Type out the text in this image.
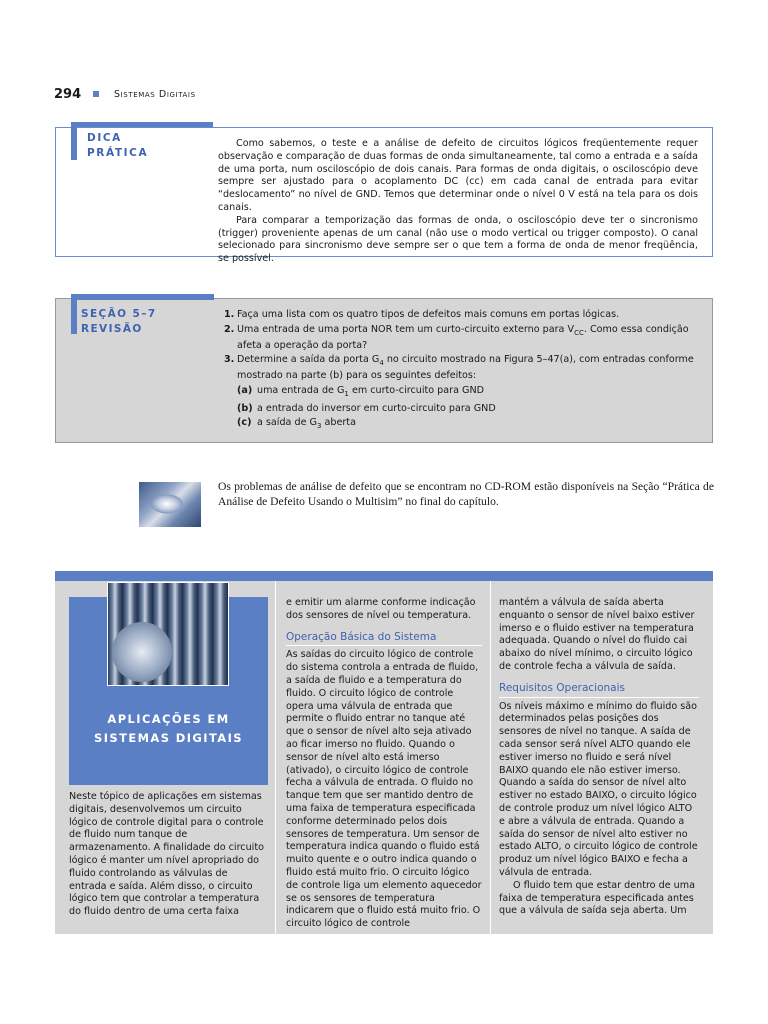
294	Sistemas Digitais
DICA
PRÁTICA

Como sabemos, o teste e a análise de defeito de circuitos lógicos freqüentemente requer observação e comparação de duas formas de onda simultaneamente, tal como a entrada e a saída de uma porta, num osciloscópio de dois canais. Para formas de onda digitais, o osciloscópio deve sempre ser ajustado para o acoplamento DC (cc) em cada canal de entrada para evitar “deslocamento” no nível de GND. Temos que determinar onde o nível 0 V está na tela para os dois canais.

Para comparar a temporização das formas de onda, o osciloscópio deve ter o sincronismo (trigger) proveniente apenas de um canal (não use o modo vertical ou trigger composto). O canal selecionado para sincronismo deve sempre ser o que tem a forma de onda de menor freqüência, se possível.

SEÇÃO 5–7
REVISÃO
1. Faça uma lista com os quatro tipos de defeitos mais comuns em portas lógicas.
2. Uma entrada de uma porta NOR tem um curto-circuito externo para $V_{CC}$. Como essa condição afeta a operação da porta?
3. Determine a saída da porta $G_4$ no circuito mostrado na Figura 5–47(a), com entradas conforme mostrado na parte (b) para os seguintes defeitos:
(a) uma entrada de $G_1$ em curto-circuito para GND
(b) a entrada do inversor em curto-circuito para GND
(c) a saída de $G_3$ aberta
Os problemas de análise de defeito que se encontram no CD-ROM estão disponíveis na Seção “Prática de Análise de Defeito Usando o Multisim” no final do capítulo.
APLICAÇÕES EM
SISTEMAS DIGITAIS

Neste tópico de aplicações em sistemas digitais, desenvolvemos um circuito lógico de controle digital para o controle de fluido num tanque de armazenamento. A finalidade do circuito lógico é manter um nível apropriado do fluido controlando as válvulas de entrada e saída. Além disso, o circuito lógico tem que controlar a temperatura do fluido dentro de uma certa faixa

e emitir um alarme conforme indicação dos sensores de nível ou temperatura.

Operação Básica do Sistema

As saídas do circuito lógico de controle do sistema controla a entrada de fluido, a saída de fluido e a temperatura do fluido. O circuito lógico de controle opera uma válvula de entrada que permite o fluido entrar no tanque até que o sensor de nível alto seja ativado ao ficar imerso no fluido. Quando o sensor de nível alto está imerso (ativado), o circuito lógico de controle fecha a válvula de entrada. O fluido no tanque tem que ser mantido dentro de uma faixa de temperatura especificada conforme determinado pelos dois sensores de temperatura. Um sensor de temperatura indica quando o fluido está muito quente e o outro indica quando o fluido está muito frio. O circuito lógico de controle liga um elemento aquecedor se os sensores de temperatura indicarem que o fluido está muito frio. O circuito lógico de controle

mantém a válvula de saída aberta enquanto o sensor de nível baixo estiver imerso e o fluido estiver na temperatura adequada. Quando o nível do fluido cai abaixo do nível mínimo, o circuito lógico de controle fecha a válvula de saída.

Requisitos Operacionais

Os níveis máximo e mínimo do fluido são determinados pelas posições dos sensores de nível no tanque. A saída de cada sensor será nível ALTO quando ele estiver imerso no fluido e será nível BAIXO quando ele não estiver imerso. Quando a saída do sensor de nível alto estiver no estado BAIXO, o circuito lógico de controle produz um nível lógico ALTO e abre a válvula de entrada. Quando a saída do sensor de nível alto estiver no estado ALTO, o circuito lógico de controle produz um nível lógico BAIXO e fecha a válvula de entrada.

O fluido tem que estar dentro de uma faixa de temperatura especificada antes que a válvula de saída seja aberta. Um
